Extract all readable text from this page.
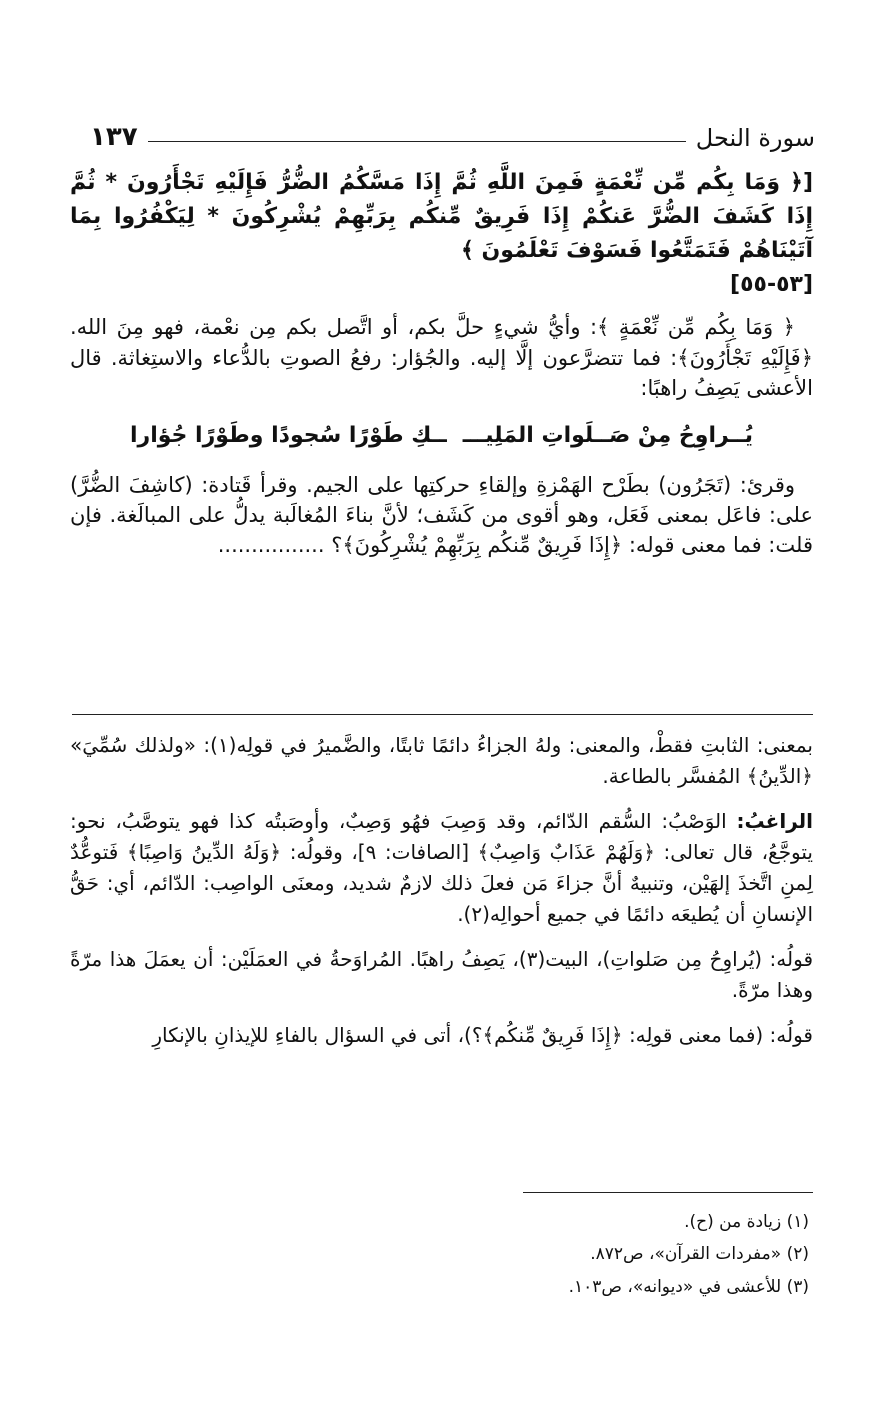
سورة النحل
١٣٧
[﴿ وَمَا بِكُم مِّن نِّعْمَةٍ فَمِنَ اللَّهِ ثُمَّ إِذَا مَسَّكُمُ الضُّرُّ فَإِلَيْهِ تَجْأَرُونَ * ثُمَّ إِذَا كَشَفَ الضُّرَّ عَنكُمْ إِذَا فَرِيقٌ مِّنكُم بِرَبِّهِمْ يُشْرِكُونَ * لِيَكْفُرُوا بِمَا آتَيْنَاهُمْ فَتَمَتَّعُوا فَسَوْفَ تَعْلَمُونَ ﴾
[٥٣-٥٥]

﴿ وَمَا بِكُم مِّن نِّعْمَةٍ ﴾: وأيُّ شيءٍ حلَّ بكم، أو اتَّصل بكم مِن نعْمة، فهو مِنَ الله. ﴿فَإِلَيْهِ تَجْأَرُونَ﴾: فما تتضرَّعون إلَّا إليه. والجُؤار: رفعُ الصوتِ بالدُّعاء والاستِغاثة. قال الأعشى يَصِفُ راهبًا:

يُــراوِحُ مِنْ صَــلَواتِ المَلِيـــ
ــكِ طَوْرًا سُجودًا وطَوْرًا جُؤارا

وقرئ: (تَجَرُون) بطَرْح الهَمْزةِ وإلقاءِ حركتِها على الجيم. وقرأ قَتادة: (كاشِفَ الضُّرَّ) على: فاعَل بمعنى فَعَل، وهو أقوى من كَشَف؛ لأنَّ بناءَ المُغالَبة يدلُّ على المبالَغة. فإن قلت: فما معنى قوله: ﴿إِذَا فَرِيقٌ مِّنكُم بِرَبِّهِمْ يُشْرِكُونَ﴾؟ ................

بمعنى: الثابتِ فقطْ، والمعنى: ولهُ الجزاءُ دائمًا ثابتًا، والضَّميرُ في قولِه(١): «ولذلك سُمِّيَ» ﴿الدِّينُ﴾ المُفسَّر بالطاعة.

الراغبُ: الوَصْبُ: السُّقم الدّائم، وقد وَصِبَ فهُو وَصِبٌ، وأوصَبتُه كذا فهو يتوصَّبُ، نحو: يتوجَّعُ، قال تعالى: ﴿وَلَهُمْ عَذَابٌ وَاصِبٌ﴾ [الصافات: ٩]، وقولُه: ﴿وَلَهُ الدِّينُ وَاصِبًا﴾ فَتوعُّدٌ لِمنِ اتَّخذَ إلهَيْن، وتنبيهٌ أنَّ جزاءَ مَن فعلَ ذلك لازمٌ شديد، ومعنَى الواصِب: الدّائم، أي: حَقُّ الإنسانِ أن يُطيعَه دائمًا في جميع أحوالِه(٢).

قولُه: (يُراوِحُ مِن صَلواتِ)، البيت(٣)، يَصِفُ راهبًا. المُراوَحةُ في العمَلَيْن: أن يعمَلَ هذا مرّةً وهذا مرّةً.

قولُه: (فما معنى قولِه: ﴿إِذَا فَرِيقٌ مِّنكُم﴾؟)، أتى في السؤال بالفاءِ للإيذانِ بالإنكارِ

(١) زيادة من (ح).
(٢) «مفردات القرآن»، ص٨٧٢.
(٣) للأعشى في «ديوانه»، ص١٠٣.
